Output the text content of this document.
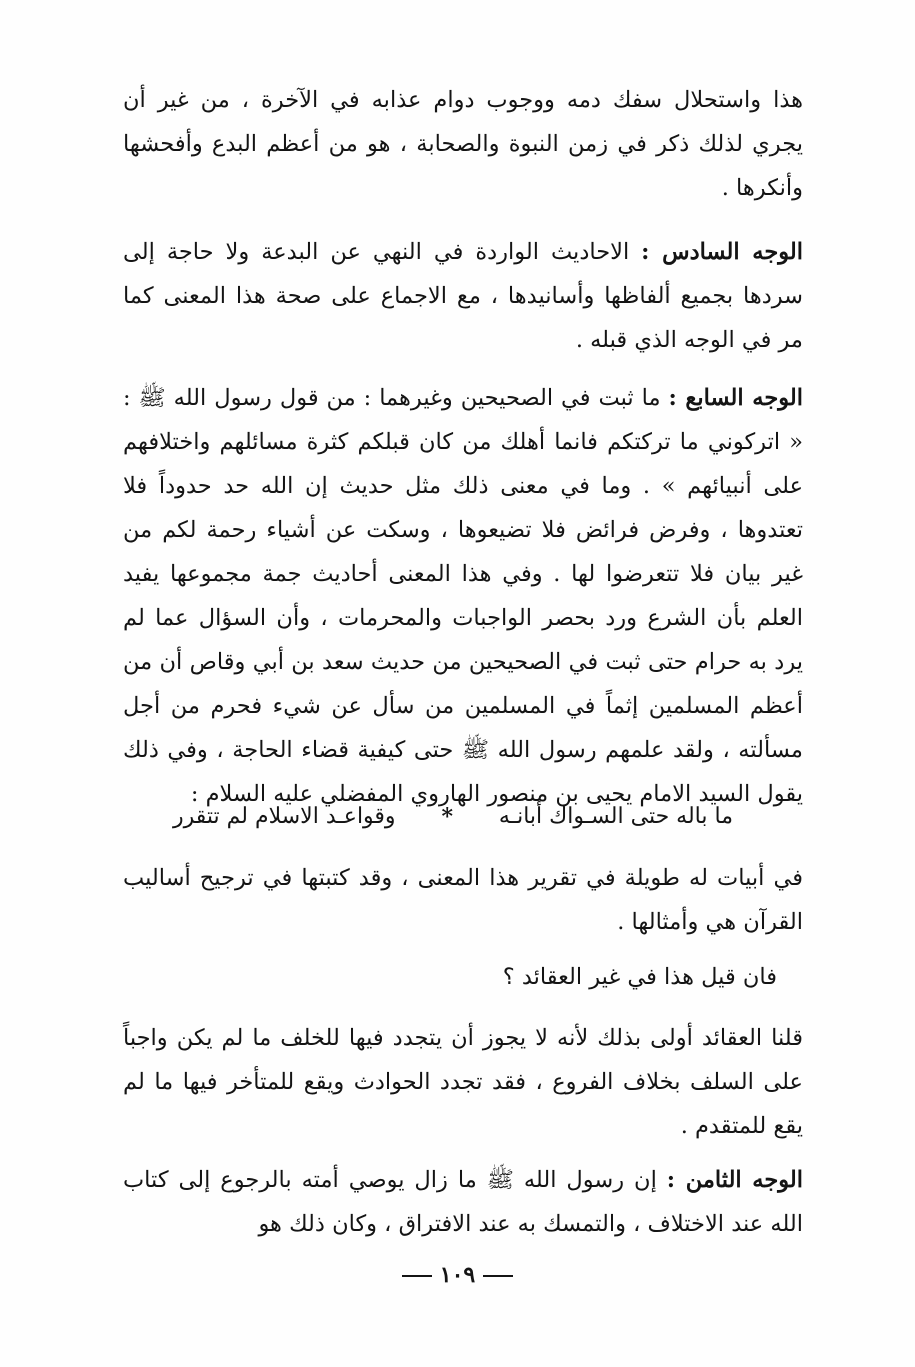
هذا واستحلال سفك دمه ووجوب دوام عذابه في الآخرة ، من غير أن يجري لذلك ذكر في زمن النبوة والصحابة ، هو من أعظم البدع وأفحشها وأنكرها .

الوجه السادس : الاحاديث الواردة في النهي عن البدعة ولا حاجة إلى سردها بجميع ألفاظها وأسانيدها ، مع الاجماع على صحة هذا المعنى كما مر في الوجه الذي قبله .

الوجه السابع : ما ثبت في الصحيحين وغيرهما : من قول رسول الله ﷺ : « اتركوني ما تركتكم فانما أهلك من كان قبلكم كثرة مسائلهم واختلافهم على أنبيائهم » . وما في معنى ذلك مثل حديث إن الله حد حدوداً فلا تعتدوها ، وفرض فرائض فلا تضيعوها ، وسكت عن أشياء رحمة لكم من غير بيان فلا تتعرضوا لها . وفي هذا المعنى أحاديث جمة مجموعها يفيد العلم بأن الشرع ورد بحصر الواجبات والمحرمات ، وأن السؤال عما لم يرد به حرام حتى ثبت في الصحيحين من حديث سعد بن أبي وقاص أن من أعظم المسلمين إثماً في المسلمين من سأل عن شيء فحرم من أجل مسألته ، ولقد علمهم رسول الله ﷺ حتى كيفية قضاء الحاجة ، وفي ذلك يقول السيد الامام يحيى بن منصور الهاروي المفضلي عليه السلام :

ما باله حتى السـواك أبانـه
*
وقواعـد الاسلام لم تتقرر

في أبيات له طويلة في تقرير هذا المعنى ، وقد كتبتها في ترجيح أساليب القرآن هي وأمثالها .

فان قيل هذا في غير العقائد ؟

قلنا العقائد أولى بذلك لأنه لا يجوز أن يتجدد فيها للخلف ما لم يكن واجباً على السلف بخلاف الفروع ، فقد تجدد الحوادث ويقع للمتأخر فيها ما لم يقع للمتقدم .

الوجه الثامن : إن رسول الله ﷺ ما زال يوصي أمته بالرجوع إلى كتاب الله عند الاختلاف ، والتمسك به عند الافتراق ، وكان ذلك هو

١٠٩
